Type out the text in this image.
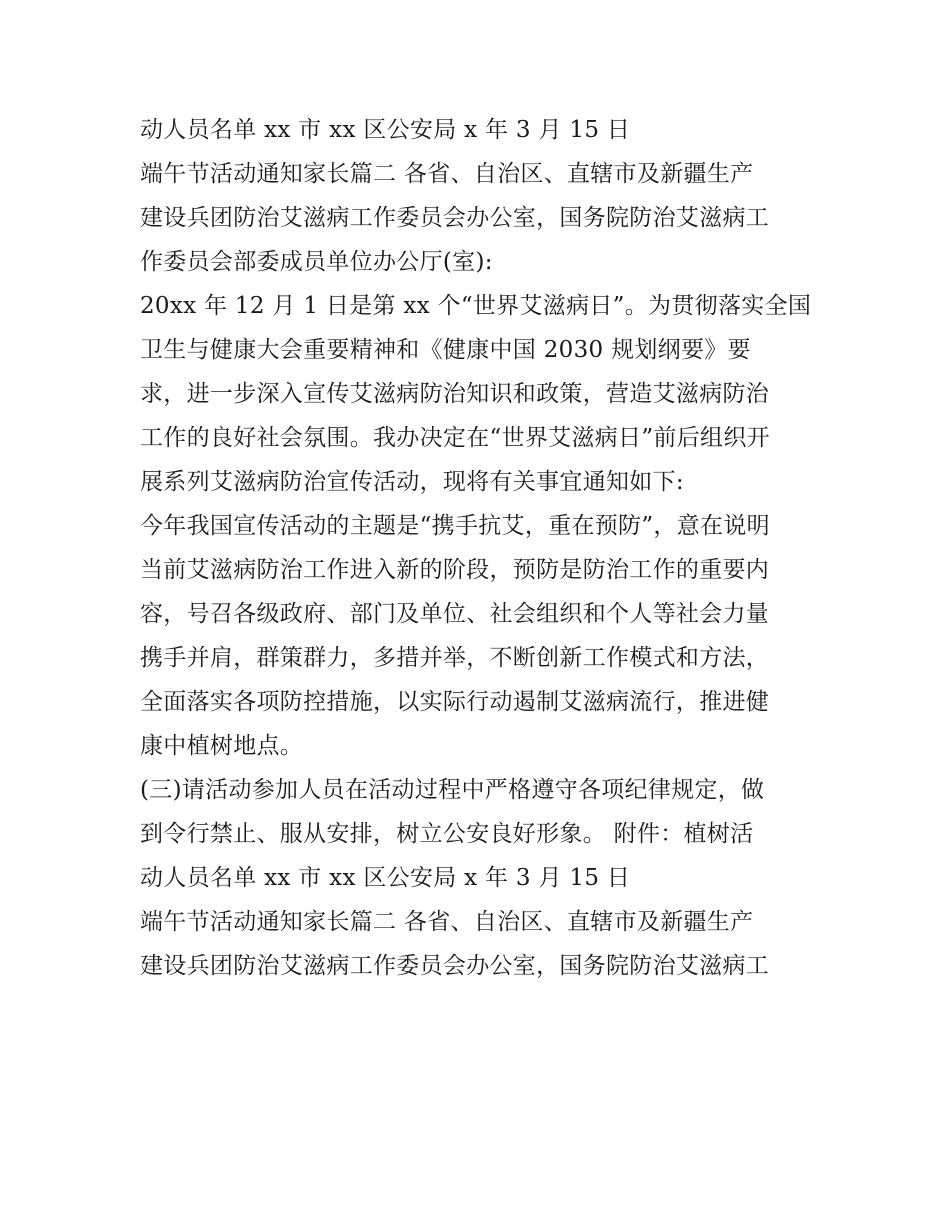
动人员名单 xx 市 xx 区公安局 x 年 3 月 15 日
端午节活动通知家长篇二 各省、自治区、直辖市及新疆生产
建设兵团防治艾滋病工作委员会办公室，国务院防治艾滋病工
作委员会部委成员单位办公厅(室):
20xx 年 12 月 1 日是第 xx 个“世界艾滋病日”。为贯彻落实全国
卫生与健康大会重要精神和《健康中国 2030 规划纲要》要
求，进一步深入宣传艾滋病防治知识和政策，营造艾滋病防治
工作的良好社会氛围。我办决定在“世界艾滋病日”前后组织开
展系列艾滋病防治宣传活动，现将有关事宜通知如下:
今年我国宣传活动的主题是“携手抗艾，重在预防”，意在说明
当前艾滋病防治工作进入新的阶段，预防是防治工作的重要内
容，号召各级政府、部门及单位、社会组织和个人等社会力量
携手并肩，群策群力，多措并举，不断创新工作模式和方法，
全面落实各项防控措施，以实际行动遏制艾滋病流行，推进健
康中植树地点。
(三)请活动参加人员在活动过程中严格遵守各项纪律规定，做
到令行禁止、服从安排，树立公安良好形象。 附件：植树活
动人员名单 xx 市 xx 区公安局 x 年 3 月 15 日
端午节活动通知家长篇二 各省、自治区、直辖市及新疆生产
建设兵团防治艾滋病工作委员会办公室，国务院防治艾滋病工
